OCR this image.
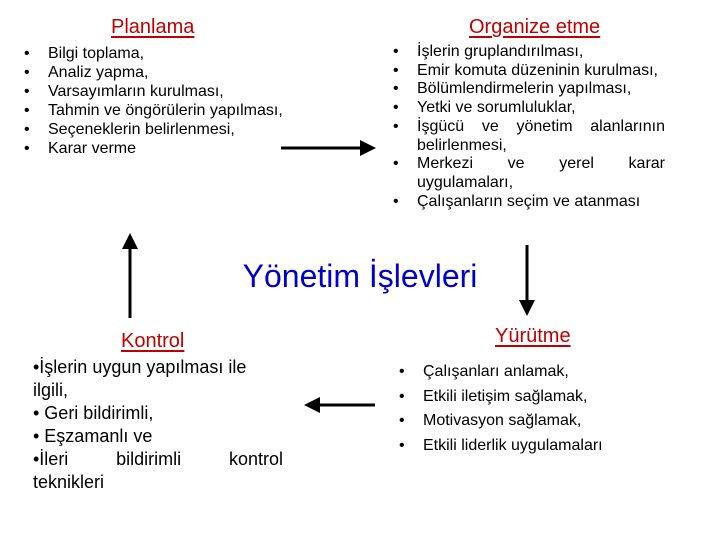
Planlama
• Bilgi toplama,
• Analiz yapma,
• Varsayımların kurulması,
• Tahmin ve öngörülerin yapılması,
• Seçeneklerin belirlenmesi,
• Karar verme
Organize etme
• İşlerin gruplandırılması,
• Emir komuta düzeninin kurulması,
• Bölümlendirmelerin yapılması,
• Yetki ve sorumluluklar,
• İşgücü ve yönetim alanlarının belirlenmesi,
• Merkezi ve yerel karar uygulamaları,
• Çalışanların seçim ve atanması
Yönetim İşlevleri
Kontrol
•İşlerin uygun yapılması ile
ilgili,
• Geri bildirimli,
• Eşzamanlı ve
•İleri	bildirimli	kontrol
teknikleri
Yürütme
• Çalışanları anlamak,
• Etkili iletişim sağlamak,
• Motivasyon sağlamak,
• Etkili liderlik uygulamaları
